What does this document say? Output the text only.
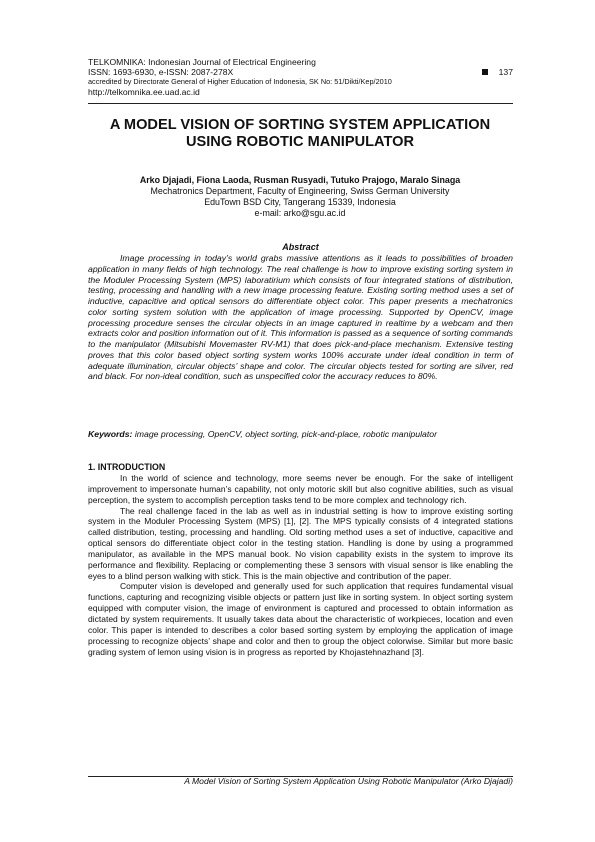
TELKOMNIKA: Indonesian Journal of Electrical Engineering
ISSN: 1693-6930, e-ISSN: 2087-278X
accredited by Directorate General of Higher Education of Indonesia, SK No: 51/Dikti/Kep/2010
http://telkomnika.ee.uad.ac.id
137
A MODEL VISION OF SORTING SYSTEM APPLICATION
USING ROBOTIC MANIPULATOR
Arko Djajadi, Fiona Laoda, Rusman Rusyadi, Tutuko Prajogo, Maralo Sinaga
Mechatronics Department, Faculty of Engineering, Swiss German University
EduTown BSD City, Tangerang 15339, Indonesia
e-mail: arko@sgu.ac.id
Abstract

Image processing in today’s world grabs massive attentions as it leads to possibilities of broaden application in many fields of high technology. The real challenge is how to improve existing sorting system in the Moduler Processing System (MPS) laboratirium which consists of four integrated stations of distribution, testing, processing and handling with a new image processing feature. Existing sorting method uses a set of inductive, capacitive and optical sensors do differentiate object color. This paper presents a mechatronics color sorting system solution with the application of image processing. Supported by OpenCV, image processing procedure senses the circular objects in an image captured in realtime by a webcam and then extracts color and position information out of it. This information is passed as a sequence of sorting commands to the manipulator (Mitsubishi Movemaster RV-M1) that does pick-and-place mechanism. Extensive testing proves that this color based object sorting system works 100% accurate under ideal condition in term of adequate illumination, circular objects’ shape and color. The circular objects tested for sorting are silver, red and black. For non-ideal condition, such as unspecified color the accuracy reduces to 80%.

Keywords: image processing, OpenCV, object sorting, pick-and-place, robotic manipulator
1. INTRODUCTION

In the world of science and technology, more seems never be enough. For the sake of intelligent improvement to impersonate human’s capability, not only motoric skill but also cognitive abilities, such as visual perception, the system to accomplish perception tasks tend to be more complex and technology rich.

The real challenge faced in the lab as well as in industrial setting is how to improve existing sorting system in the Moduler Processing System (MPS) [1], [2]. The MPS typically consists of 4 integrated stations called distribution, testing, processing and handling. Old sorting method uses a set of inductive, capacitive and optical sensors do differentiate object color in the testing station. Handling is done by using a programmed manipulator, as available in the MPS manual book. No vision capability exists in the system to improve its performance and flexibility. Replacing or complementing these 3 sensors with visual sensor is like enabling the eyes to a blind person walking with stick. This is the main objective and contribution of the paper.

Computer vision is developed and generally used for such application that requires fundamental visual functions, capturing and recognizing visible objects or pattern just like in sorting system. In object sorting system equipped with computer vision, the image of environment is captured and processed to obtain information as dictated by system requirements. It usually takes data about the characteristic of workpieces, location and even color. This paper is intended to describes a color based sorting system by employing the application of image processing to recognize objects’ shape and color and then to group the object colorwise. Similar but more basic grading system of lemon using vision is in progress as reported by Khojastehnazhand [3].

A Model Vision of Sorting System Application Using Robotic Manipulator (Arko Djajadi)
